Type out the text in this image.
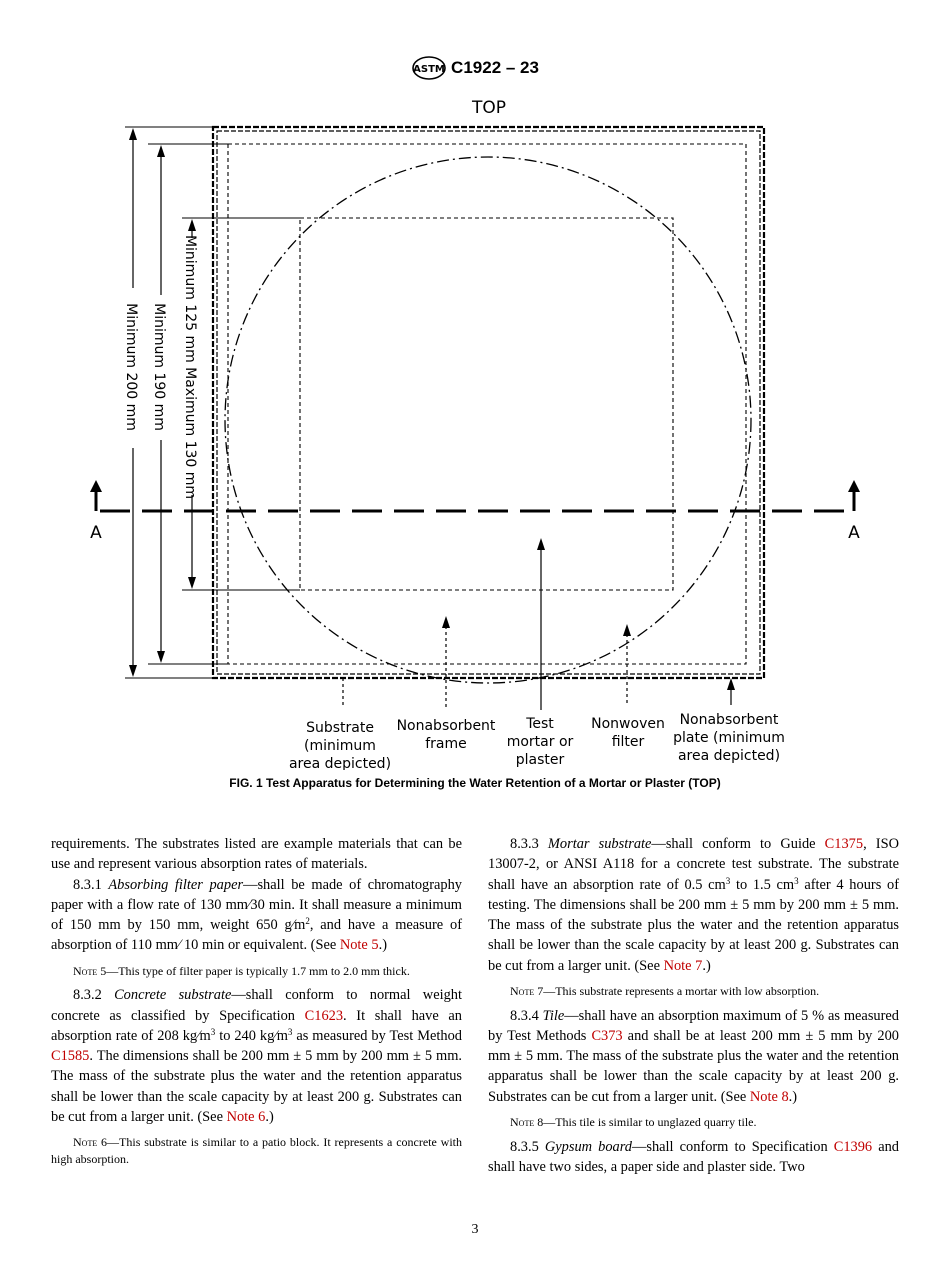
ASTM C1922 – 23
TOP
A	A
Minimum 200 mm Minimum 190 mm Minimum 125 mm Maximum 130 mm
Substrate
(minimum
area depicted)
Nonabsorbent
frame
Test
mortar or
plaster
Nonwoven
filter
Nonabsorbent
plate (minimum
area depicted)
FIG. 1 Test Apparatus for Determining the Water Retention of a Mortar or Plaster (TOP)

requirements. The substrates listed are example materials that can be use and represent various absorption rates of materials.

8.3.1 Absorbing filter paper—shall be made of chromatography paper with a flow rate of 130 mm⁄30 min. It shall measure a minimum of 150 mm by 150 mm, weight 650 $g⁄m^2$, and have a measure of absorption of 110 mm⁄ 10 min or equivalent. (See Note 5.)

Note 5—This type of filter paper is typically 1.7 mm to 2.0 mm thick.

8.3.2 Concrete substrate—shall conform to normal weight concrete as classified by Specification C1623. It shall have an absorption rate of 208 $kg⁄m^3$ to 240 $kg⁄m^3$ as measured by Test Method C1585. The dimensions shall be 200 mm ± 5 mm by 200 mm ± 5 mm. The mass of the substrate plus the water and the retention apparatus shall be lower than the scale capacity by at least 200 g. Substrates can be cut from a larger unit. (See Note 6.)

Note 6—This substrate is similar to a patio block. It represents a concrete with high absorption.

8.3.3 Mortar substrate—shall conform to Guide C1375, ISO 13007-2, or ANSI A118 for a concrete test substrate. The substrate shall have an absorption rate of 0.5 $cm^3$ to 1.5 $cm^3$ after 4 hours of testing. The dimensions shall be 200 mm ± 5 mm by 200 mm ± 5 mm. The mass of the substrate plus the water and the retention apparatus shall be lower than the scale capacity by at least 200 g. Substrates can be cut from a larger unit. (See Note 7.)

Note 7—This substrate represents a mortar with low absorption.

8.3.4 Tile—shall have an absorption maximum of 5 % as measured by Test Methods C373 and shall be at least 200 mm ± 5 mm by 200 mm ± 5 mm. The mass of the substrate plus the water and the retention apparatus shall be lower than the scale capacity by at least 200 g. Substrates can be cut from a larger unit. (See Note 8.)

Note 8—This tile is similar to unglazed quarry tile.

8.3.5 Gypsum board—shall conform to Specification C1396 and shall have two sides, a paper side and plaster side. Two

3
